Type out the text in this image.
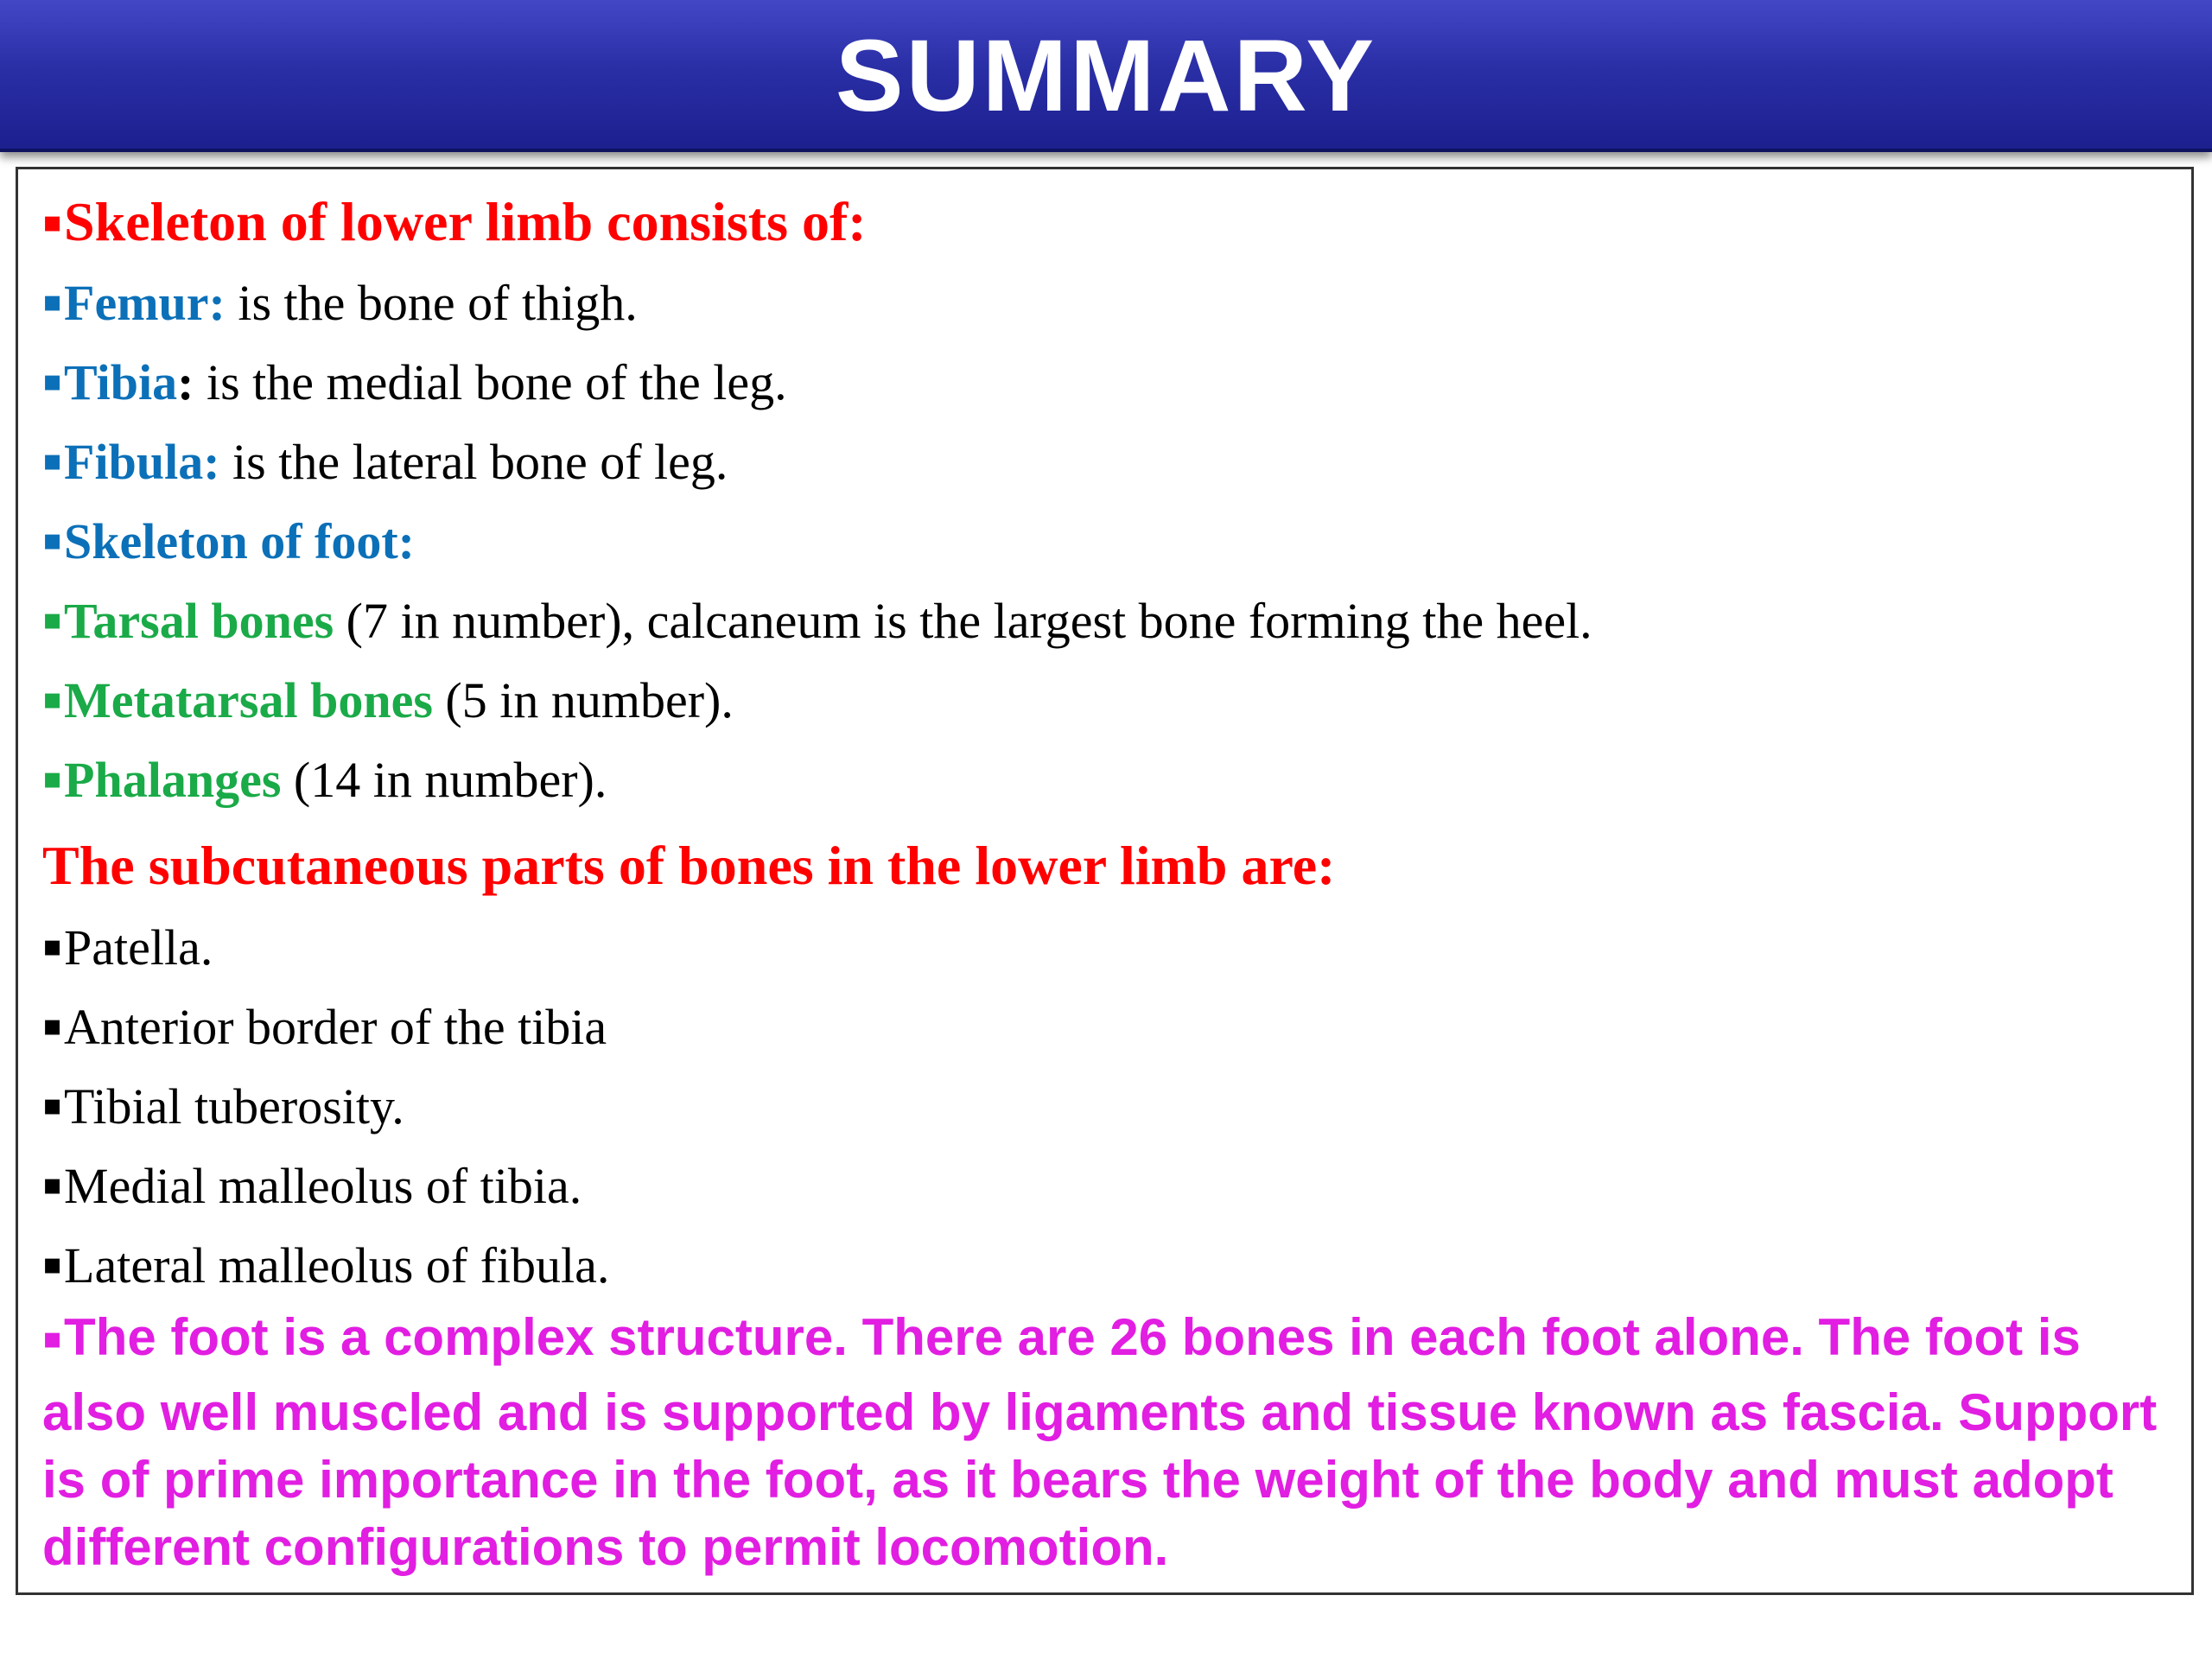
SUMMARY
▪Skeleton of lower limb consists of:
▪Femur: is the bone of thigh.
▪Tibia: is the medial bone of the leg.
▪Fibula: is the lateral bone of leg.
▪Skeleton of foot:
▪Tarsal bones (7 in number), calcaneum is the largest bone forming the heel.
▪Metatarsal bones (5 in number).
▪Phalanges (14 in number).
The subcutaneous parts of bones in the lower limb are:
▪Patella.
▪Anterior border of the tibia
▪Tibial tuberosity.
▪Medial malleolus of tibia.
▪Lateral malleolus of fibula.
▪The foot is a complex structure. There are 26 bones in each foot alone. The foot is also well muscled and is supported by ligaments and tissue known as fascia. Support is of prime importance in the foot, as it bears the weight of the body and must adopt different configurations to permit locomotion.
